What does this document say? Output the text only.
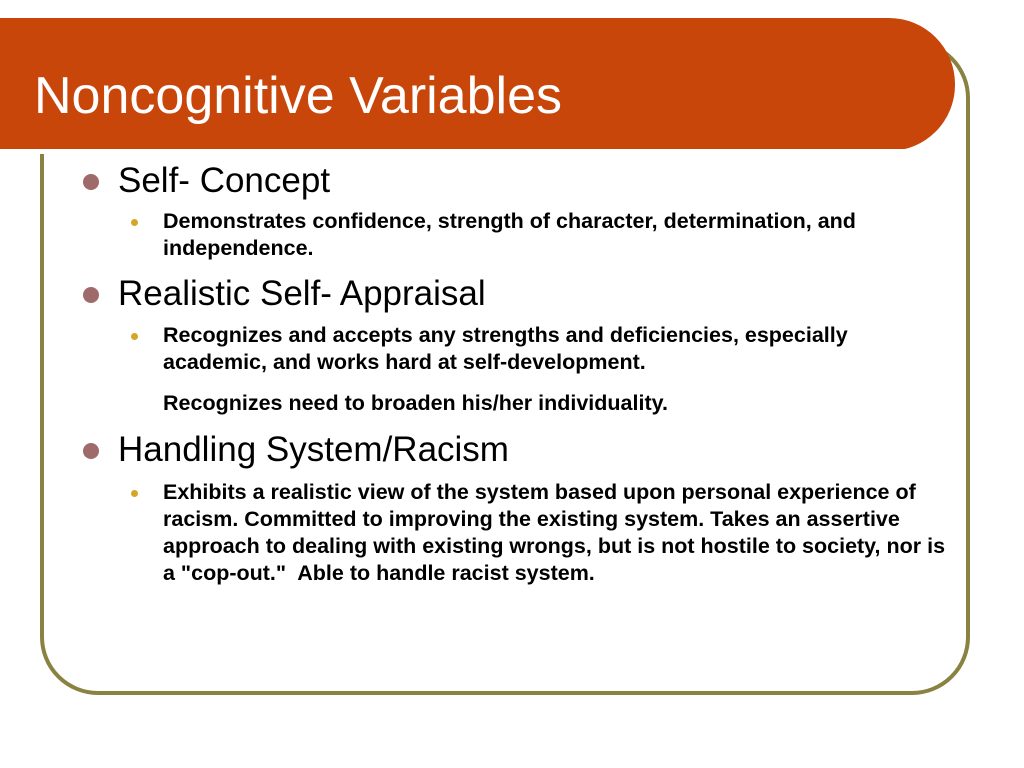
Noncognitive Variables
Self- Concept

Demonstrates confidence, strength of character, determination, and independence.

Realistic Self- Appraisal

Recognizes and accepts any strengths and deficiencies, especially academic, and works hard at self-development.

Recognizes need to broaden his/her individuality.

Handling System/Racism

Exhibits a realistic view of the system based upon personal experience of racism. Committed to improving the existing system. Takes an assertive approach to dealing with existing wrongs, but is not hostile to society, nor is a "cop-out." Able to handle racist system.
